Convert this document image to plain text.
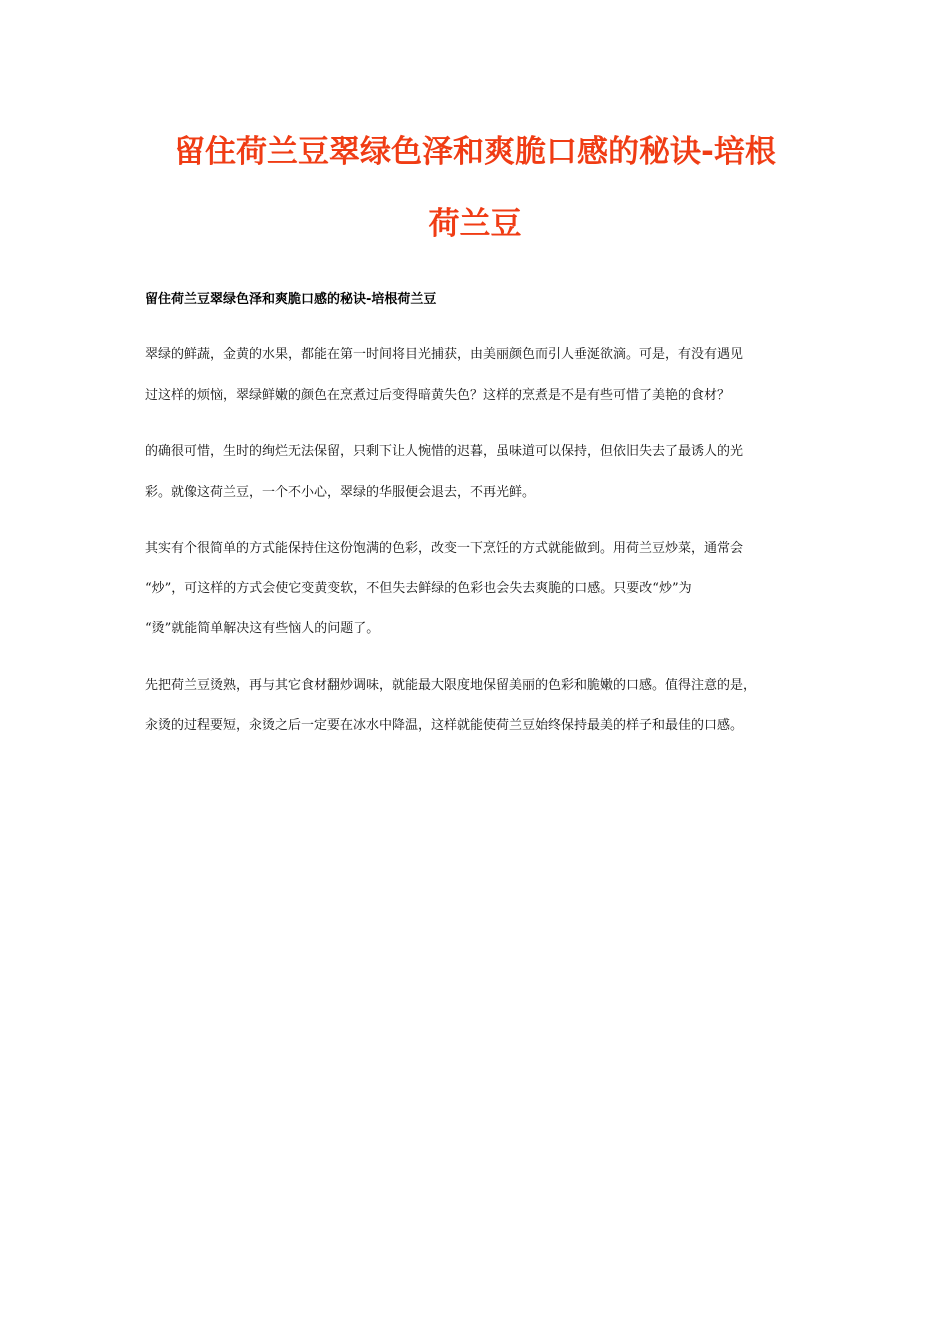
留住荷兰豆翠绿色泽和爽脆口感的秘诀-培根
荷兰豆
留住荷兰豆翠绿色泽和爽脆口感的秘诀-培根荷兰豆
翠绿的鲜蔬，金黄的水果，都能在第一时间将目光捕获，由美丽颜色而引人垂涎欲滴。可是，有没有遇见
过这样的烦恼，翠绿鲜嫩的颜色在烹煮过后变得暗黄失色？这样的烹煮是不是有些可惜了美艳的食材？
的确很可惜，生时的绚烂无法保留，只剩下让人惋惜的迟暮，虽味道可以保持，但依旧失去了最诱人的光
彩。就像这荷兰豆，一个不小心，翠绿的华服便会退去，不再光鲜。
其实有个很简单的方式能保持住这份饱满的色彩，改变一下烹饪的方式就能做到。用荷兰豆炒菜，通常会
“炒”，可这样的方式会使它变黄变软，不但失去鲜绿的色彩也会失去爽脆的口感。只要改“炒”为
“烫”就能简单解决这有些恼人的问题了。
先把荷兰豆烫熟，再与其它食材翻炒调味，就能最大限度地保留美丽的色彩和脆嫩的口感。值得注意的是，
汆烫的过程要短，汆烫之后一定要在冰水中降温，这样就能使荷兰豆始终保持最美的样子和最佳的口感。
